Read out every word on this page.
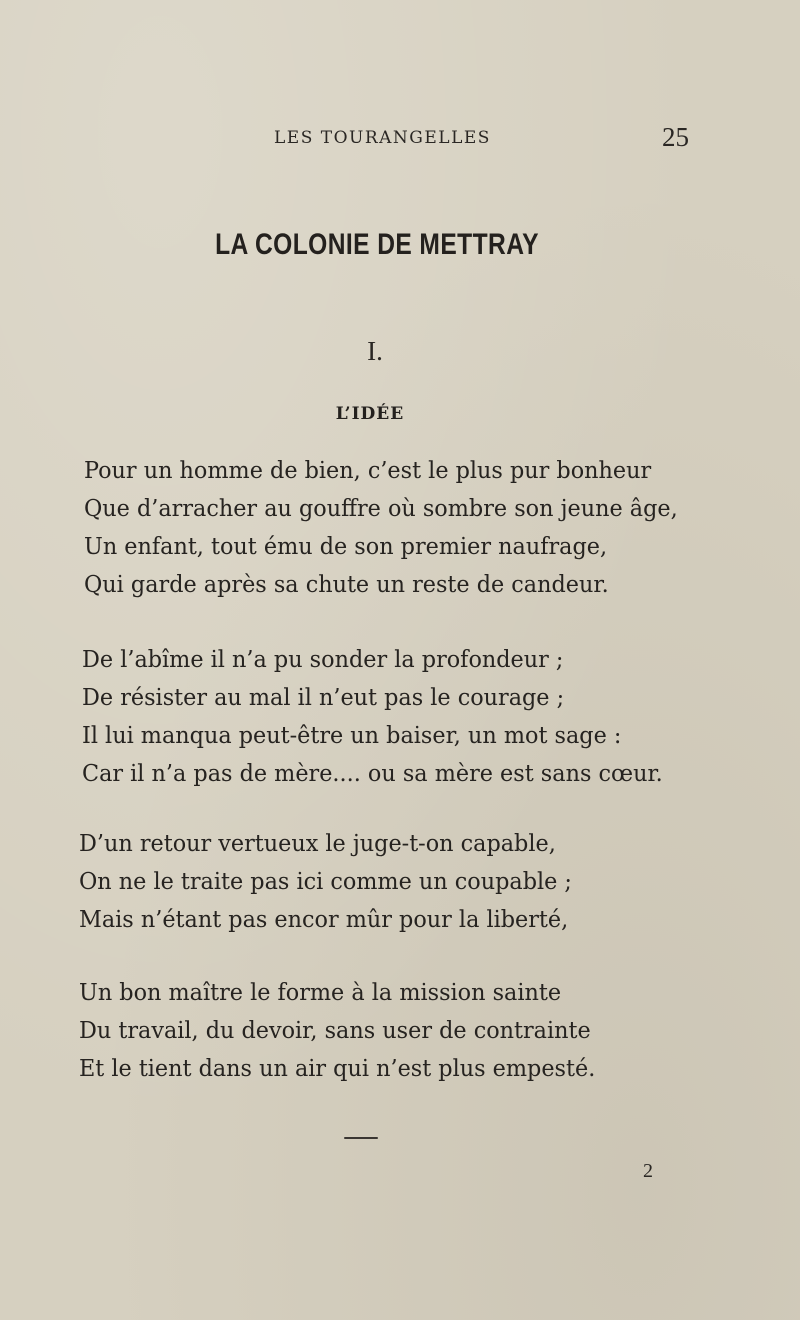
LES TOURANGELLES	25
LA COLONIE DE METTRAY
I.
L’IDÉE
Pour un homme de bien, c’est le plus pur bonheur
Que d’arracher au gouffre où sombre son jeune âge,
Un enfant, tout ému de son premier naufrage,
Qui garde après sa chute un reste de candeur.
De l’abîme il n’a pu sonder la profondeur ;
De résister au mal il n’eut pas le courage ;
Il lui manqua peut-être un baiser, un mot sage :
Car il n’a pas de mère.... ou sa mère est sans cœur.
D’un retour vertueux le juge-t-on capable,
On ne le traite pas ici comme un coupable ;
Mais n’étant pas encor mûr pour la liberté,
Un bon maître le forme à la mission sainte
Du travail, du devoir, sans user de contrainte
Et le tient dans un air qui n’est plus empesté.
2
